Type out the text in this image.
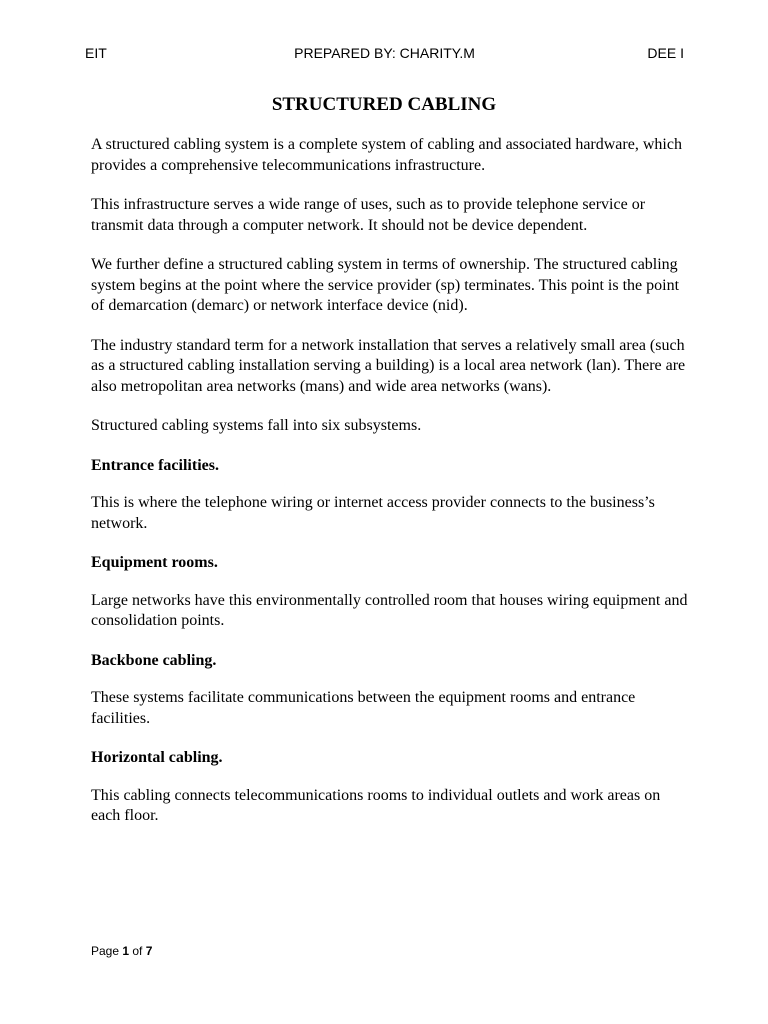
EIT	PREPARED BY: CHARITY.M	DEE I
STRUCTURED CABLING

A structured cabling system is a complete system of cabling and associated hardware, which provides a comprehensive telecommunications infrastructure.

This infrastructure serves a wide range of uses, such as to provide telephone service or transmit data through a computer network. It should not be device dependent.

We further define a structured cabling system in terms of ownership. The structured cabling system begins at the point where the service provider (sp) terminates. This point is the point of demarcation (demarc) or network interface device (nid).

The industry standard term for a network installation that serves a relatively small area (such as a structured cabling installation serving a building) is a local area network (lan). There are also metropolitan area networks (mans) and wide area networks (wans).

Structured cabling systems fall into six subsystems.

Entrance facilities.

This is where the telephone wiring or internet access provider connects to the business’s network.

Equipment rooms.

Large networks have this environmentally controlled room that houses wiring equipment and consolidation points.

Backbone cabling.

These systems facilitate communications between the equipment rooms and entrance facilities.

Horizontal cabling.

This cabling connects telecommunications rooms to individual outlets and work areas on each floor.

Page 1 of 7
